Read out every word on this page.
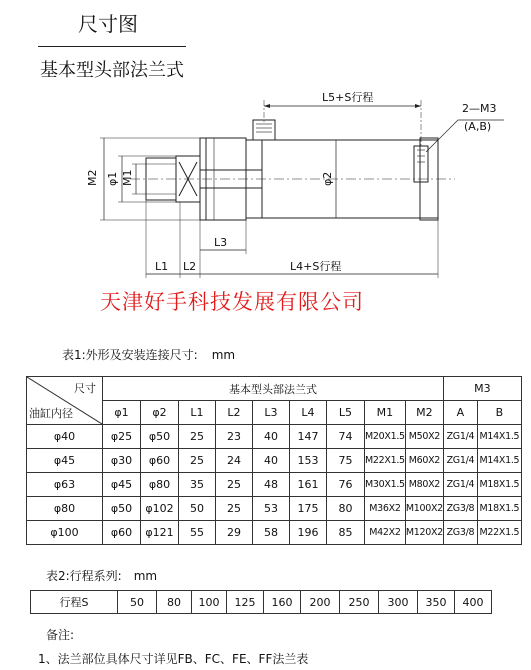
尺寸图
基本型头部法兰式
L5+S行程
2—M3
(A,B)
M2 φ1 M1	φ2
L3
L1 L2	L4+S行程
天津好手科技发展有限公司
表1:外形及安装连接尺寸: mm
尺寸
油缸内径	基本型头部法兰式									M3	
	φ1	φ2	L1	L2	L3	L4	L5	M1	M2	A	B
φ40	φ25	φ50	25	23	40	147	74	M20X1.5	M50X2	ZG1/4	M14X1.5
φ45	φ30	φ60	25	24	40	153	75	M22X1.5	M60X2	ZG1/4	M14X1.5
φ63	φ45	φ80	35	25	48	161	76	M30X1.5	M80X2	ZG1/4	M18X1.5
φ80	φ50	φ102	50	25	53	175	80	M36X2	M100X2	ZG3/8	M18X1.5
φ100	φ60	φ121	55	29	58	196	85	M42X2	M120X2	ZG3/8	M22X1.5
表2:行程系列: mm
行程S	50	80	100	125	160	200	250	300	350	400
备注:
1、法兰部位具体尺寸详见FB、FC、FE、FF法兰表
